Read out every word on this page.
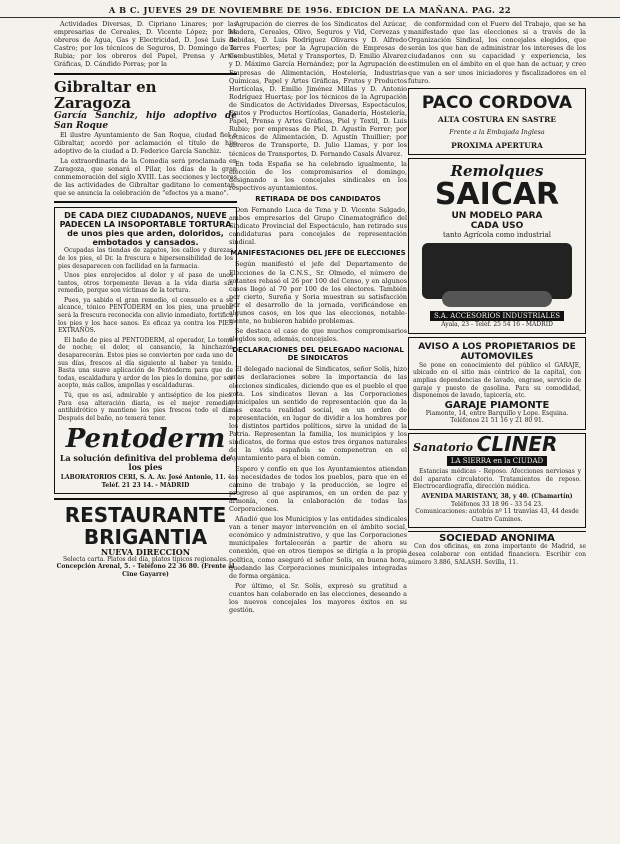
A B C. JUEVES 29 DE NOVIEMBRE DE 1956. EDICION DE LA MAÑANA. PAG. 22

Actividades Diversas, D. Cipriano Linares; por las empresarias de Cereales, D. Vicente López; por los obreros de Agua, Gas y Electricidad, D. José Luis de Castro; por los técnicos de Seguros, D. Domingo de la Rubia; por los obreros del Papel, Prensa y Artes Gráficas, D. Cándido Porras; por la

Gibraltar en Zaragoza
García Sanchiz, hijo adoptivo de San Roque

El ilustre Ayuntamiento de San Roque, ciudad fiel a Gibraltar, acordó por aclamación el título de hijo adoptivo de la ciudad a D. Federico García Sanchiz.

La extraordinaria de la Comedia será proclamada en Zaragoza, que sonará el Pilar, los días de la gran conmemoración del siglo XVIII. Las secciones y lectores de las actividades de Gibraltar gaditano lo comentan, que se anuncia la celebración de "efectos ya a mano".

DE CADA DIEZ CIUDADANOS, NUEVE PADECEN LA INSOPORTABLE TORTURA de unos pies que arden, doloridos, embotados y cansados.

Ocupadas las tiendas de zapatos, los callos y durezas de los pies, el Dr. la frescura e hipersensibilidad de los pies desaparecen con facilidad en la farmacia.

Unos pies enrojecidos al dolor y el paso de unos tantos, otros torpemente llevan a la vida diaria sin remedio, porque son víctimas de la tortura.

Pues, ya sabido el gran remedio, el consuelo es a su alcance, tónico PENTODERM en los pies, una prueba será la frescura reconocida con alivio inmediato, fortifica los pies y los hace sanos. Es eficaz ya contra los PIES EXTRAÑOS.

El baño de pies al PENTODERM, al operador, Lo toma de noche; el dolor, el cansancio, la hinchazón desaparecerán. Estos pies se convierten por cada uno de sus días, frescos al día siguiente al haber ya tenido. Basta una suave aplicación de Pentoderm para que de todas, escaldadura y ardor de los pies lo domine, por ser acepto, más callos, ampollas y escaldaduras.

Tú, que es así, admirable y antiséptico de los pies. Para esa alteración diaria, es el mejor remedio, antihidrótico y mantiene los pies frescos todo el día. Después del baño, no temerá tener.

Pentoderm
La solución definitiva del problema de los pies
LABORATORIOS CERI, S. A. Av. José Antonio, 11. - Teléf. 21 23 14. - MADRID
RESTAURANTE
BRIGANTIA
NUEVA DIRECCION
Selecta carta. Platos del día, platos típicos regionales.
Concepción Arenal, 5. - Teléfono 22 36 80. (Frente al Cine Gayarre)

Agrupación de cierres de los Sindicatos del Azúcar, Madera, Cereales, Olivo, Seguros y Vid, Cervezas y Bebidas, D. Luis Rodríguez Olivares y D. Alfredo Torres Fuertes; por la Agrupación de Empresas de Combustibles, Metal y Transportes, D. Emilio Álvarez y D. Máximo García Hernández; por la Agrupación de Empresas de Alimentación, Hostelería, Industrias Químicas, Papel y Artes Gráficas, Frutos y Productos Hortícolas, D. Emilio Jiménez Millas y D. Antonio Rodríguez Huertas; por los técnicos de la Agrupación de Sindicatos de Actividades Diversas, Espectáculos, Frutos y Productos Hortícolas, Ganadería, Hostelería, Papel, Prensa y Artes Gráficas, Piel y Textil, D. Luis Rubio; por empresas de Piel, D. Agustín Ferrer; por técnicos de Alimentación, D. Agustín Thuillier; por obreros de Transporte, D. Julio Llamas, y por los técnicos de Transportes, D. Fernando Casals Álvarez.

En toda España se ha celebrado igualmente, la elección de los compromisarios el domingo, designando a los concejales sindicales en los respectivos ayuntamientos.

RETIRADA DE DOS CANDIDATOS

Don Fernando Luca de Tena y D. Vicente Salgado, ambos empresarios del Grupo Cinematográfico del Sindicato Provincial del Espectáculo, han retirado sus candidaturas para concejales de representación sindical.

MANIFESTACIONES DEL JEFE DE ELECCIONES

Según manifestó el jefe del Departamento de Elecciones de la C.N.S., Sr. Olmedo, el número de votantes rebasó el 26 por 100 del Censo, y en algunos casos llegó al 70 por 100 de los electores. También por cierto, Sureña y Soria muestran su satisfacción por el desarrollo de la jornada, verificándose en algunos casos, en los que las elecciones, notable-mente, no hubieron habido problemas.

Se destaca el caso de que muchos compromisarios elegidos son, además, concejales.

DECLARACIONES DEL DELEGADO NACIONAL DE SINDICATOS

El delegado nacional de Sindicatos, señor Solís, hizo unas declaraciones sobre la importancia de las elecciones sindicales, diciendo que es el pueblo el que vota. Los sindicatos llevan a las Corporaciones municipales un sentido de representación que da la más exacta realidad social, en un orden de representación, en lugar de dividir a los hombres por los distintos partidos políticos, sirve la unidad de la Patria. Representan la familia, los municipios y los sindicatos, de forma que estos tres órganos naturales de la vida española se compenetran en el Ayuntamiento para el bien común.

Espero y confío en que los Ayuntamientos atiendan las necesidades de todos los pueblos, para que en el camino de trabajo y la producción, se logre el progreso al que aspiramos, en un orden de paz y armonía, con la colaboración de todas las Corporaciones.

Añadió que los Municipios y las entidades sindicales van a tener mayor intervención en el ámbito social, económico y administrativo, y que las Corporaciones municipales fortalecerán a partir de ahora su conexión, que en otros tiempos se dirigía a la propia política, como aseguró el señor Solís, en buena hora, quedando las Corporaciones municipales integradas de forma orgánica.

Por último, el Sr. Solís, expresó su gratitud a cuantos han colaborado en las elecciones, deseando a los nuevos concejales los mayores éxitos en su gestión.

de conformidad con el Fuero del Trabajo, que se ha manifestado que las elecciones si a través de la Organización Sindical, los concejales elegidos, que serán los que han de administrar los intereses de los ciudadanos con su capacidad y experiencia, les estimulen en el ámbito en el que han de actuar, y creo que van a ser unos iniciadores y fiscalizadores en el futuro.

PACO CORDOVA
ALTA COSTURA EN SASTRE
Frente a la Embajada Inglesa
PROXIMA APERTURA
Remolques
SAICAR
UN MODELO PARA
CADA USO
tanto Agrícola como industrial
S.A. ACCESORIOS INDUSTRIALES
Ayala, 23 - Teléf. 25 54 16 - MADRID
AVISO A LOS PROPIETARIOS DE AUTOMOVILES

Se pone en conocimiento del público el GARAJE, ubicado en el sitio más céntrico de la capital, con amplias dependencias de lavado, engrase, servicio de garaje y puesto de gasolina. Para su comodidad, disponemos de lavado, tapicería, etc.

GARAJE PIAMONTE
Piamonte, 14, entre Barquillo y Lope. Esquina. Teléfonos 21 51 16 y 21 80 91.
Sanatorio CLINER
LA SIERRA en la CIUDAD

Estancias médicas - Reposo. Afecciones nerviosas y del aparato circulatorio. Tratamientos de reposo. Electrocardiografía, dirección médica.

AVENIDA MARISTANY, 38, y 40. (Chamartín)
Teléfonos 33 18 96 - 33 54 23.
Comunicaciones: autobús nº 11 tranvías 43, 44 desde Cuatro Caminos.
SOCIEDAD ANONIMA

Con dos oficinas, en zona importante de Madrid, se desea colaborar con entidad financiera. Escribir con número 3.886, SALASH. Sevilla, 11.
